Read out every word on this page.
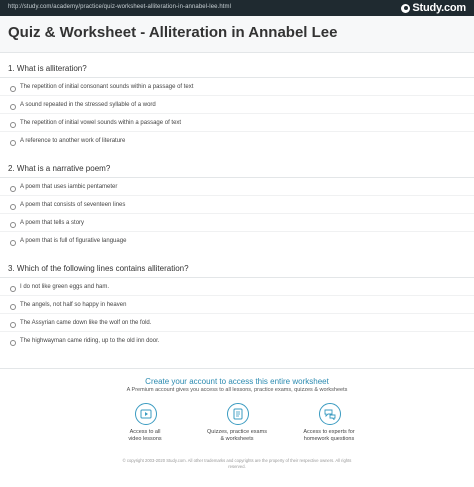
http://study.com/academy/practice/quiz-worksheet-alliteration-in-annabel-lee.html	Study.com
Quiz & Worksheet - Alliteration in Annabel Lee
1. What is alliteration?
The repetition of initial consonant sounds within a passage of text
A sound repeated in the stressed syllable of a word
The repetition of initial vowel sounds within a passage of text
A reference to another work of literature
2. What is a narrative poem?
A poem that uses iambic pentameter
A poem that consists of seventeen lines
A poem that tells a story
A poem that is full of figurative language
3. Which of the following lines contains alliteration?
I do not like green eggs and ham.
The angels, not half so happy in heaven
The Assyrian came down like the wolf on the fold.
The highwayman came riding, up to the old inn door.
Create your account to access this entire worksheet
A Premium account gives you access to all lessons, practice exams, quizzes & worksheets
Access to all
video lessons
Quizzes, practice exams
& worksheets
Access to experts for
homework questions
© copyright 2003-2020 Study.com. All other trademarks and copyrights are the property of their respective owners. All rights
reserved.
